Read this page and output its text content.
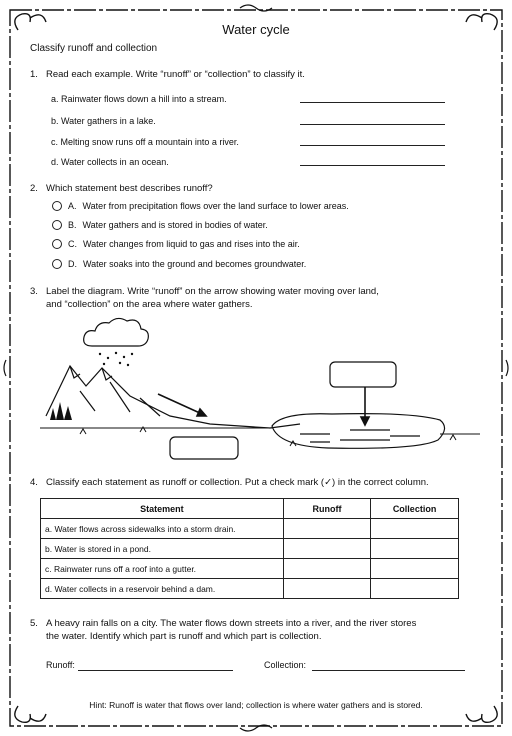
Water cycle
Classify runoff and collection
1. Read each example. Write “runoff” or “collection” to classify it.
a. Rainwater flows down a hill into a stream.
b. Water gathers in a lake.
c. Melting snow runs off a mountain into a river.
d. Water collects in an ocean.
2. Which statement best describes runoff?
A. Water from precipitation flows over the land surface to lower areas.
B. Water gathers and is stored in bodies of water.
C. Water changes from liquid to gas and rises into the air.
D. Water soaks into the ground and becomes groundwater.
3. Label the diagram. Write “runoff” on the arrow showing water moving over land,
and “collection” on the area where water gathers.
4. Classify each statement as runoff or collection. Put a check mark (✓) in the correct column.
Statement	Runoff	Collection
a. Water flows across sidewalks into a storm drain.		
b. Water is stored in a pond.		
c. Rainwater runs off a roof into a gutter.		
d. Water collects in a reservoir behind a dam.		
5. A heavy rain falls on a city. The water flows down streets into a river, and the river stores
the water. Identify which part is runoff and which part is collection.
Runoff:	Collection:
Hint: Runoff is water that flows over land; collection is where water gathers and is stored.
